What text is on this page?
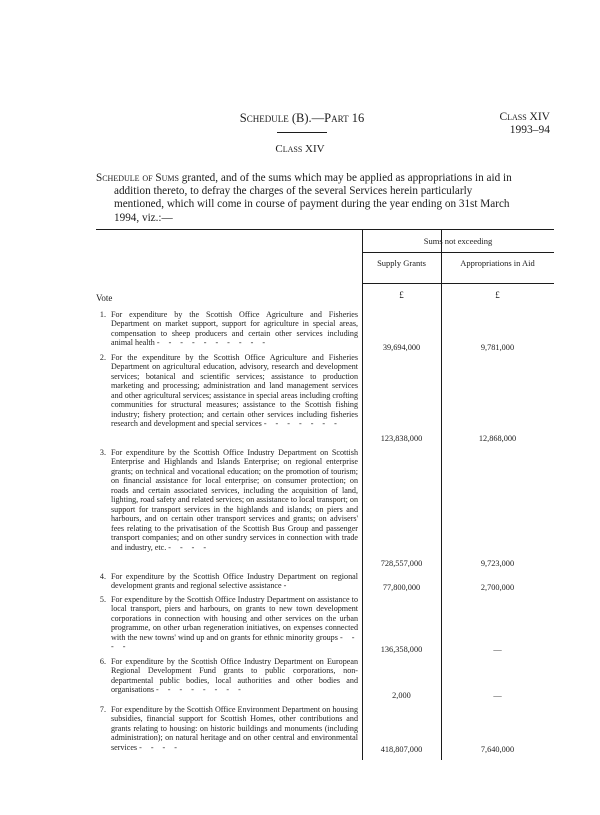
Schedule (B).—Part 16	Class XIV
1993–94
Class XIV
Schedule of Sums granted, and of the sums which may be applied as appropriations in aid in
addition thereto, to defray the charges of the several Services herein particularly
mentioned, which will come in course of payment during the year ending on 31st March
1994, viz.:—
Sums not exceeding
Supply Grants	Appropriations in Aid
£	£
Vote
1. For expenditure by the Scottish Office Agriculture and Fisheries Department on market support, support for agriculture in special areas, compensation to sheep producers and certain other services including animal health - - - - - - - - - -
39,694,000	9,781,000
2. For the expenditure by the Scottish Office Agriculture and Fisheries Department on agricultural education, advisory, research and development services; botanical and scientific services; assistance to production marketing and processing; administration and land management services and other agricultural services; assistance in special areas including crofting communities for structural measures; assistance to the Scottish fishing industry; fishery protection; and certain other services including fisheries research and development and special services - - - - - - -
123,838,000	12,868,000
3. For expenditure by the Scottish Office Industry Department on Scottish Enterprise and Highlands and Islands Enterprise; on regional enterprise grants; on technical and vocational education; on the promotion of tourism; on financial assistance for local enterprise; on consumer protection; on roads and certain associated services, including the acquisition of land, lighting, road safety and related services; on assistance to local transport; on support for transport services in the highlands and islands; on piers and harbours, and on certain other transport services and grants; on advisers' fees relating to the privatisation of the Scottish Bus Group and passenger transport companies; and on other sundry services in connection with trade and industry, etc. - - - -
728,557,000	9,723,000
4. For expenditure by the Scottish Office Industry Department on regional development grants and regional selective assistance -	77,800,000	2,700,000
5. For expenditure by the Scottish Office Industry Department on assistance to local transport, piers and harbours, on grants to new town development corporations in connection with housing and other services on the urban programme, on other urban regeneration initiatives, on expenses connected with the new towns' wind up and on grants for ethnic minority groups - - - -	136,358,000	—
6. For expenditure by the Scottish Office Industry Department on European Regional Development Fund grants to public corporations, non-departmental public bodies, local authorities and other bodies and organisations - - - - - - - -
2,000	—
7. For expenditure by the Scottish Office Environment Department on housing subsidies, financial support for Scottish Homes, other contributions and grants relating to housing: on historic buildings and monuments (including administration); on natural heritage and on other central and environmental services - - - -	418,807,000	7,640,000
